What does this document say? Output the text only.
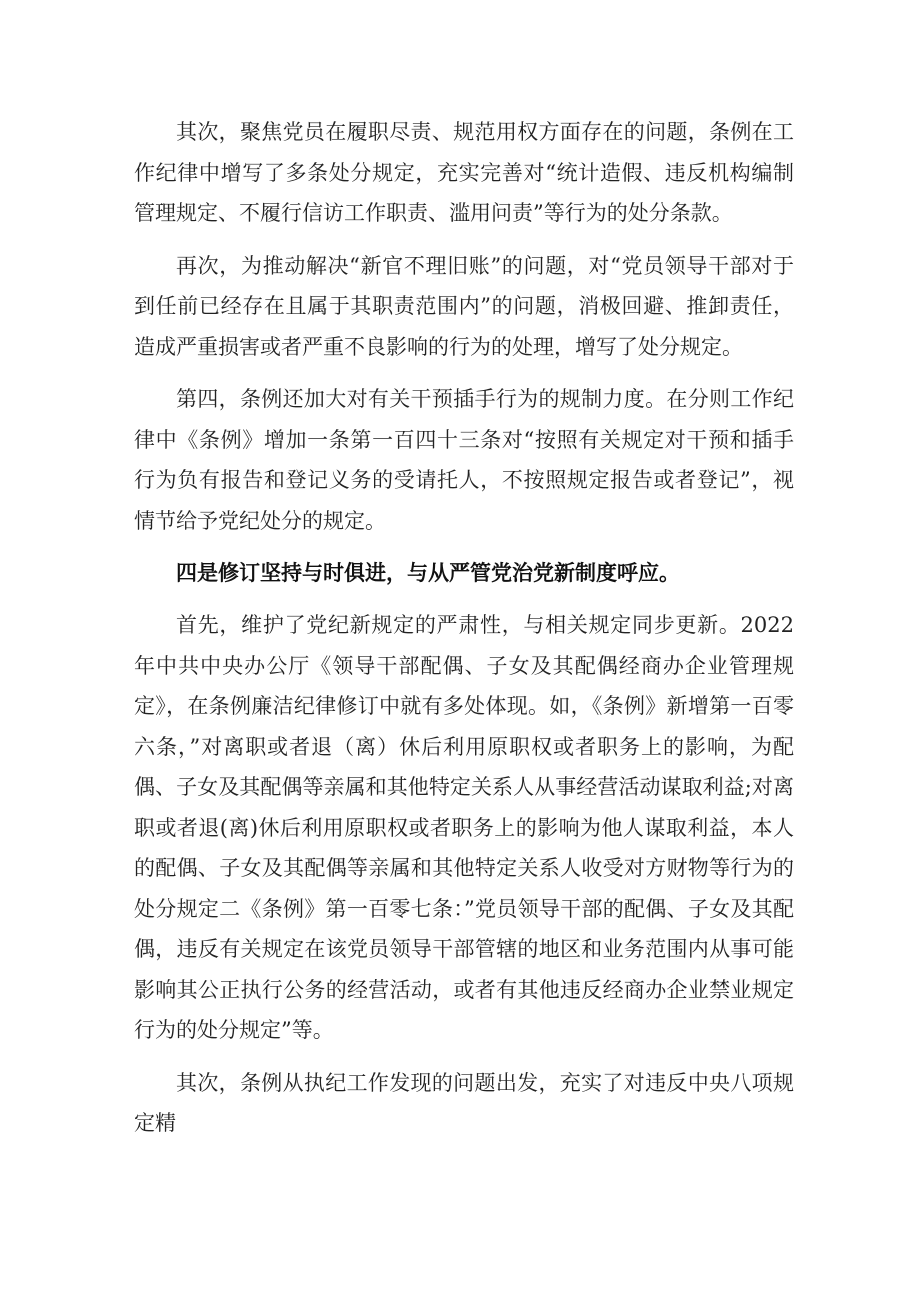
其次，聚焦党员在履职尽责、规范用权方面存在的问题，条例在工作纪律中增写了多条处分规定，充实完善对“统计造假、违反机构编制管理规定、不履行信访工作职责、滥用问责”等行为的处分条款。

再次，为推动解决“新官不理旧账”的问题，对“党员领导干部对于到任前已经存在且属于其职责范围内”的问题，消极回避、推卸责任，造成严重损害或者严重不良影响的行为的处理，增写了处分规定。

第四，条例还加大对有关干预插手行为的规制力度。在分则工作纪律中《条例》增加一条第一百四十三条对“按照有关规定对干预和插手行为负有报告和登记义务的受请托人，不按照规定报告或者登记”，视情节给予党纪处分的规定。

四是修订坚持与时俱进，与从严管党治党新制度呼应。

首先，维护了党纪新规定的严肃性，与相关规定同步更新。2022年中共中央办公厅《领导干部配偶、子女及其配偶经商办企业管理规定》，在条例廉洁纪律修订中就有多处体现。如，《条例》新增第一百零六条，”对离职或者退（离）休后利用原职权或者职务上的影响，为配偶、子女及其配偶等亲属和其他特定关系人从事经营活动谋取利益;对离职或者退(离)休后利用原职权或者职务上的影响为他人谋取利益，本人的配偶、子女及其配偶等亲属和其他特定关系人收受对方财物等行为的处分规定二《条例》第一百零七条：”党员领导干部的配偶、子女及其配偶，违反有关规定在该党员领导干部管辖的地区和业务范围内从事可能影响其公正执行公务的经营活动，或者有其他违反经商办企业禁业规定行为的处分规定”等。

其次，条例从执纪工作发现的问题出发，充实了对违反中央八项规定精
